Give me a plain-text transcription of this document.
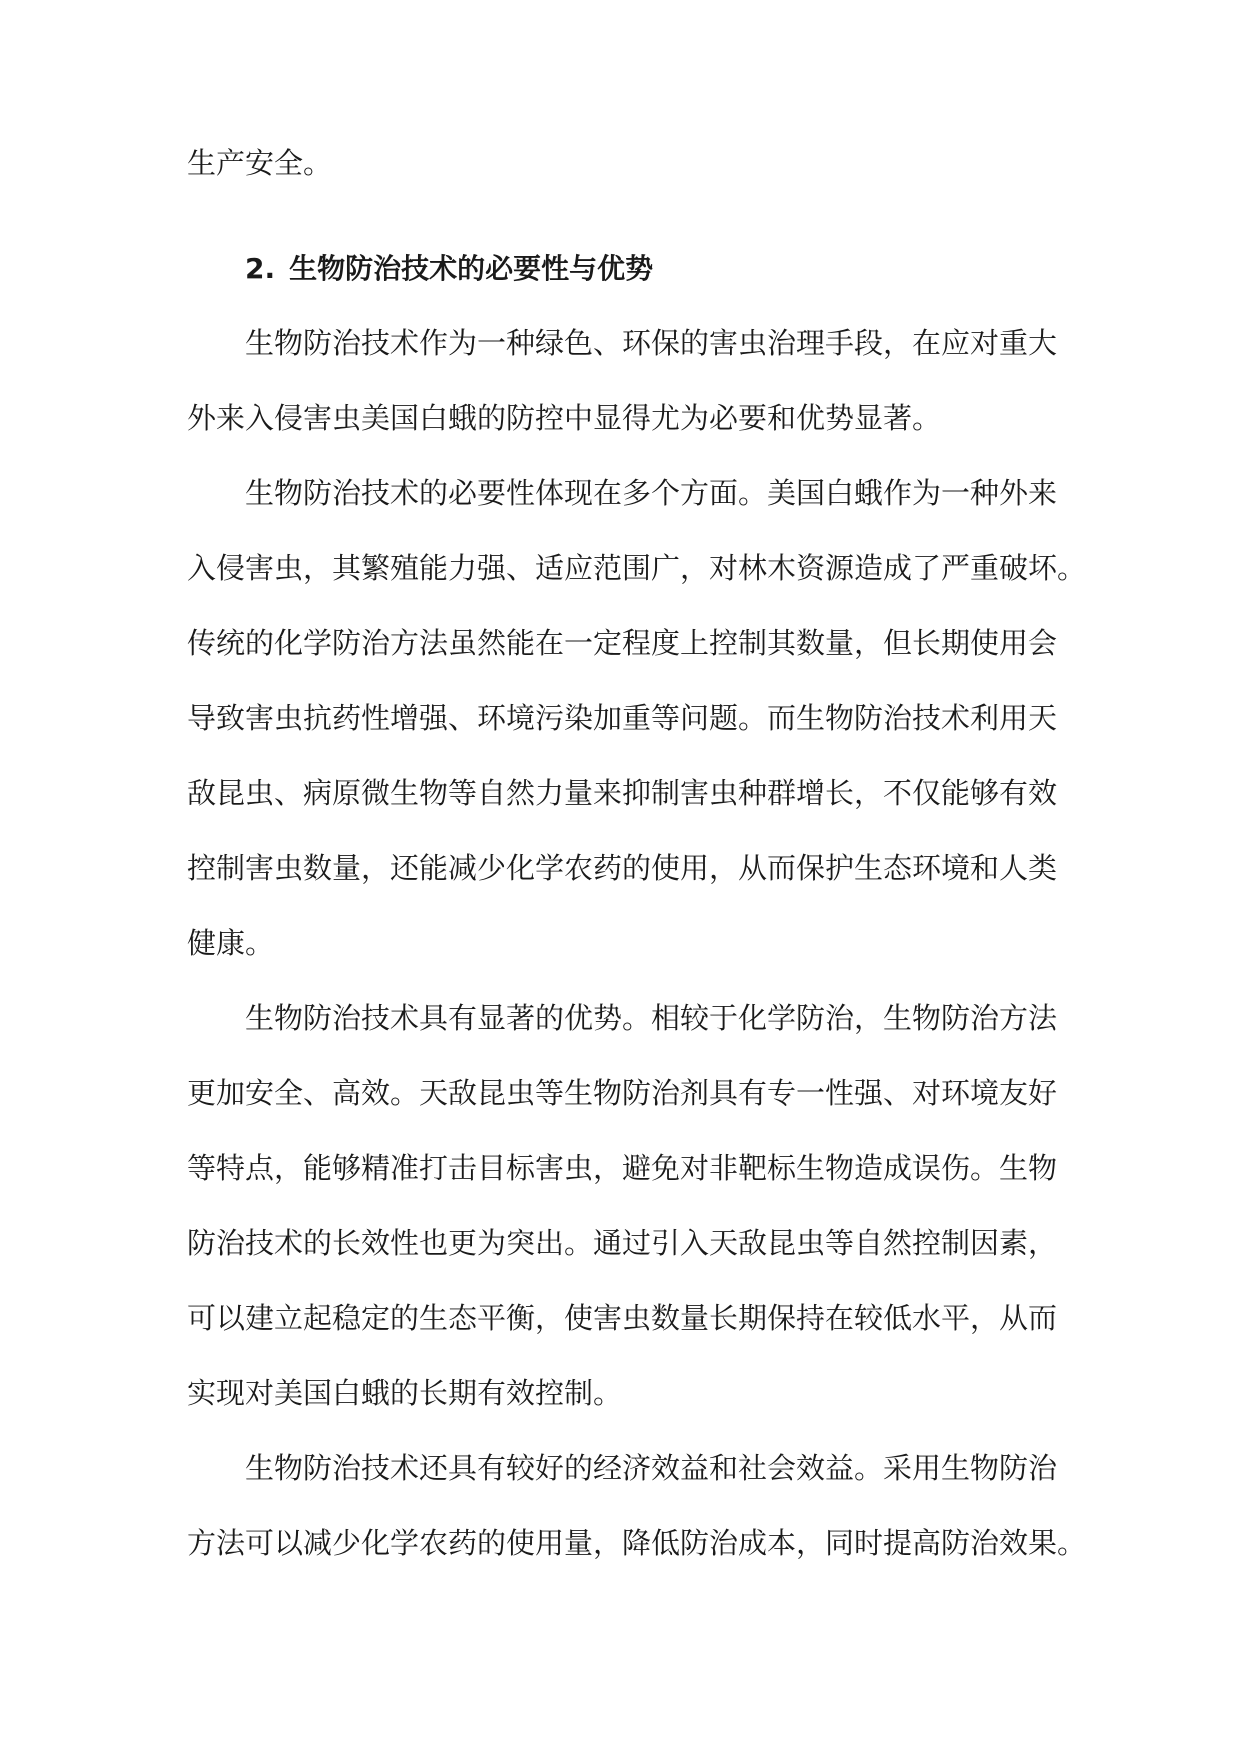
生产安全。
2. 生物防治技术的必要性与优势
生物防治技术作为一种绿色、环保的害虫治理手段，在应对重大
外来入侵害虫美国白蛾的防控中显得尤为必要和优势显著。
生物防治技术的必要性体现在多个方面。美国白蛾作为一种外来
入侵害虫，其繁殖能力强、适应范围广，对林木资源造成了严重破坏。
传统的化学防治方法虽然能在一定程度上控制其数量，但长期使用会
导致害虫抗药性增强、环境污染加重等问题。而生物防治技术利用天
敌昆虫、病原微生物等自然力量来抑制害虫种群增长，不仅能够有效
控制害虫数量，还能减少化学农药的使用，从而保护生态环境和人类
健康。
生物防治技术具有显著的优势。相较于化学防治，生物防治方法
更加安全、高效。天敌昆虫等生物防治剂具有专一性强、对环境友好
等特点，能够精准打击目标害虫，避免对非靶标生物造成误伤。生物
防治技术的长效性也更为突出。通过引入天敌昆虫等自然控制因素，
可以建立起稳定的生态平衡，使害虫数量长期保持在较低水平，从而
实现对美国白蛾的长期有效控制。
生物防治技术还具有较好的经济效益和社会效益。采用生物防治
方法可以减少化学农药的使用量，降低防治成本，同时提高防治效果。
